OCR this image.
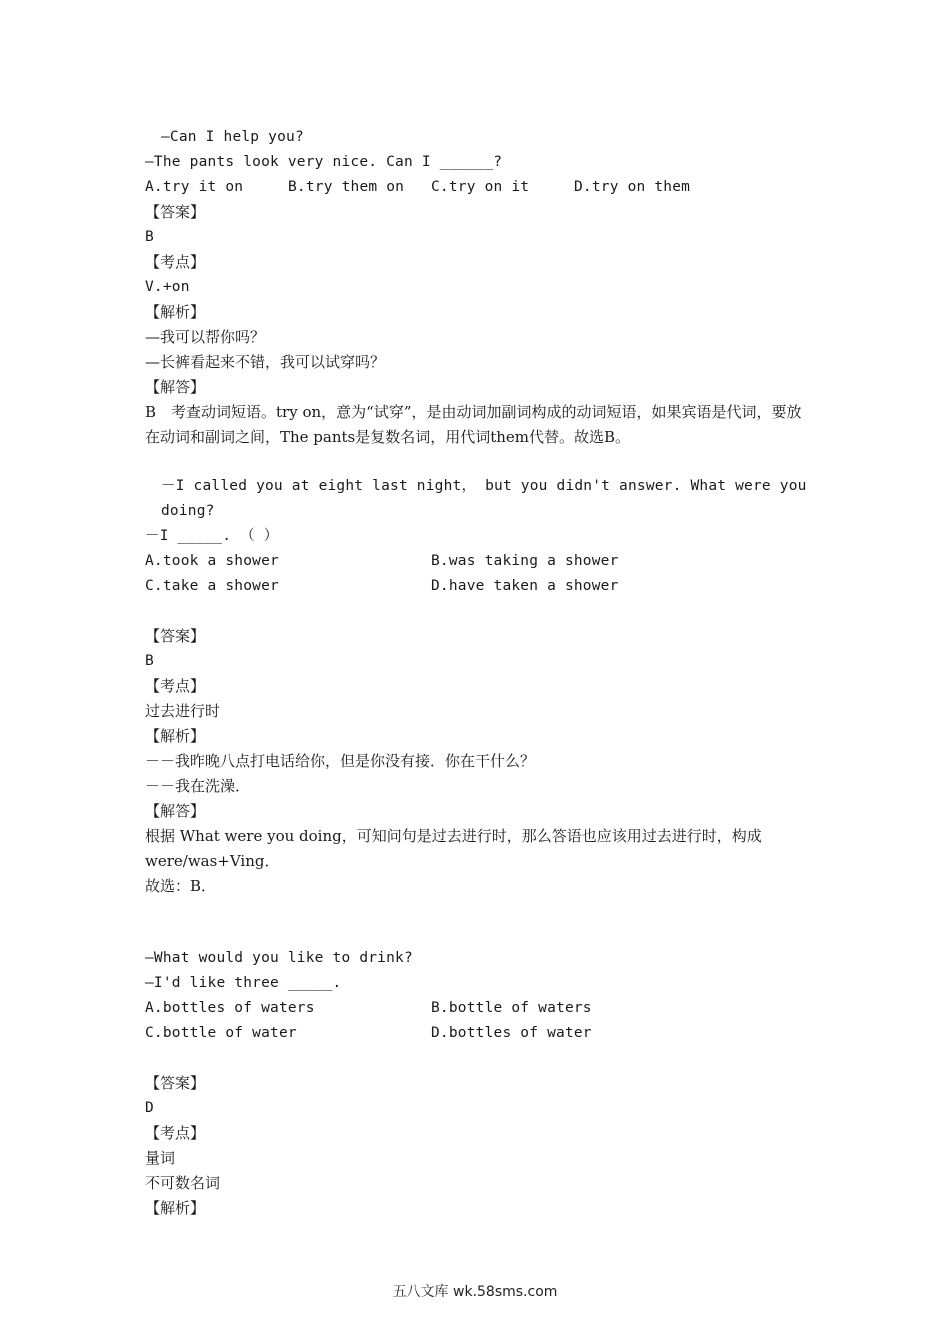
—Can I help you?
—The pants look very nice. Can I ______?
A.try it on	B.try them on	C.try on it	D.try on them
【答案】
B
【考点】
V.+on
【解析】
—我可以帮你吗？
—长裤看起来不错，我可以试穿吗？
【解答】
B　考查动词短语。try on，意为“试穿”，是由动词加副词构成的动词短语，如果宾语是代词，要放在动词和副词之间，The pants是复数名词，用代词them代替。故选B。
－I called you at eight last night， but you didn't answer. What were you doing?
－I _____. （ ）
A.took a shower	B.was taking a shower
C.take a shower	D.have taken a shower
【答案】
B
【考点】
过去进行时
【解析】
－－我昨晚八点打电话给你，但是你没有接．你在干什么？
－－我在洗澡．
【解答】
根据 What were you doing，可知问句是过去进行时，那么答语也应该用过去进行时，构成were/was+Ving．
故选：B．
—What would you like to drink?
—I'd like three _____.
A.bottles of waters	B.bottle of waters
C.bottle of water	D.bottles of water
【答案】
D
【考点】
量词
不可数名词
【解析】
五八文库 wk.58sms.com
